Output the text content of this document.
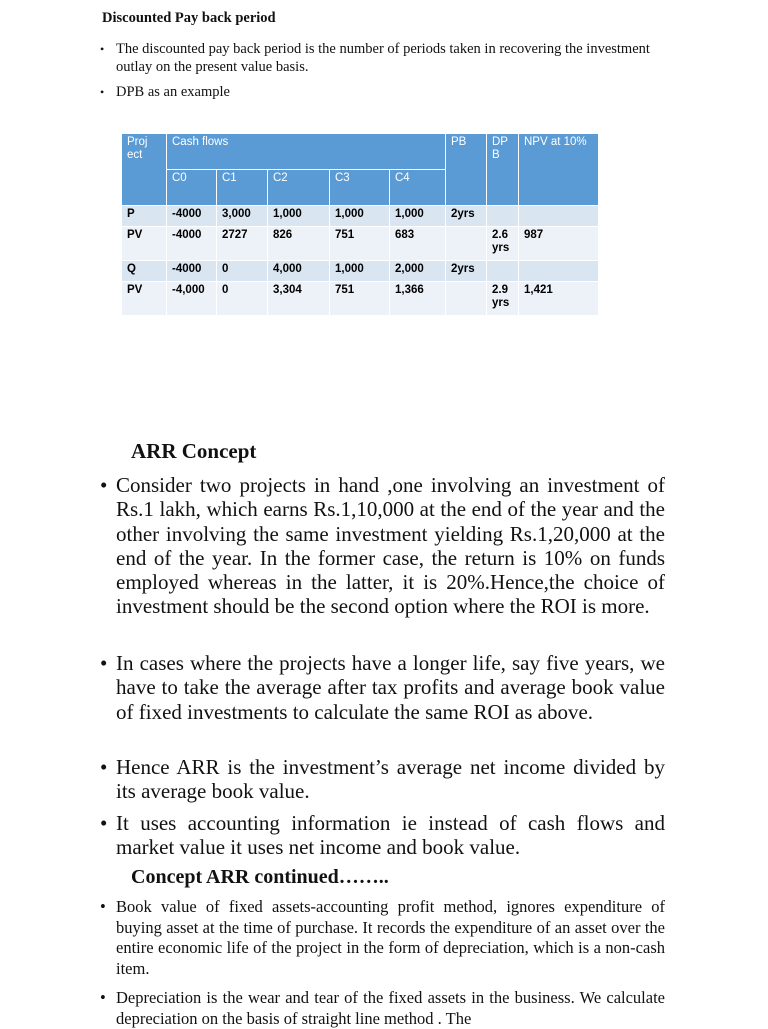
Discounted Pay back period
• The discounted pay back period is the number of periods taken in recovering the investment outlay on the present value basis.
• DPB as an example
Proj ect	Cash flows					PB	DP B	NPV at 10%
	C0	C1	C2	C3	C4			
P	-4000	3,000	1,000	1,000	1,000	2yrs		
PV	-4000	2727	826	751	683		2.6 yrs	987
Q	-4000	0	4,000	1,000	2,000	2yrs		
PV	-4,000	0	3,304	751	1,366		2.9 yrs	1,421
ARR Concept
• Consider two projects in hand ,one involving an investment of Rs.1 lakh, which earns Rs.1,10,000 at the end of the year and the other involving the same investment yielding Rs.1,20,000 at the end of the year. In the former case, the return is 10% on funds employed whereas in the latter, it is 20%.Hence,the choice of investment should be the second option where the ROI is more.
• In cases where the projects have a longer life, say five years, we have to take the average after tax profits and average book value of fixed investments to calculate the same ROI as above.
• Hence ARR is the investment’s average net income divided by its average book value.
• It uses accounting information ie instead of cash flows and market value it uses net income and book value.
Concept ARR continued……..
• Book value of fixed assets-accounting profit method, ignores expenditure of buying asset at the time of purchase. It records the expenditure of an asset over the entire economic life of the project in the form of depreciation, which is a non-cash item.
• Depreciation is the wear and tear of the fixed assets in the business. We calculate depreciation on the basis of straight line method . The
